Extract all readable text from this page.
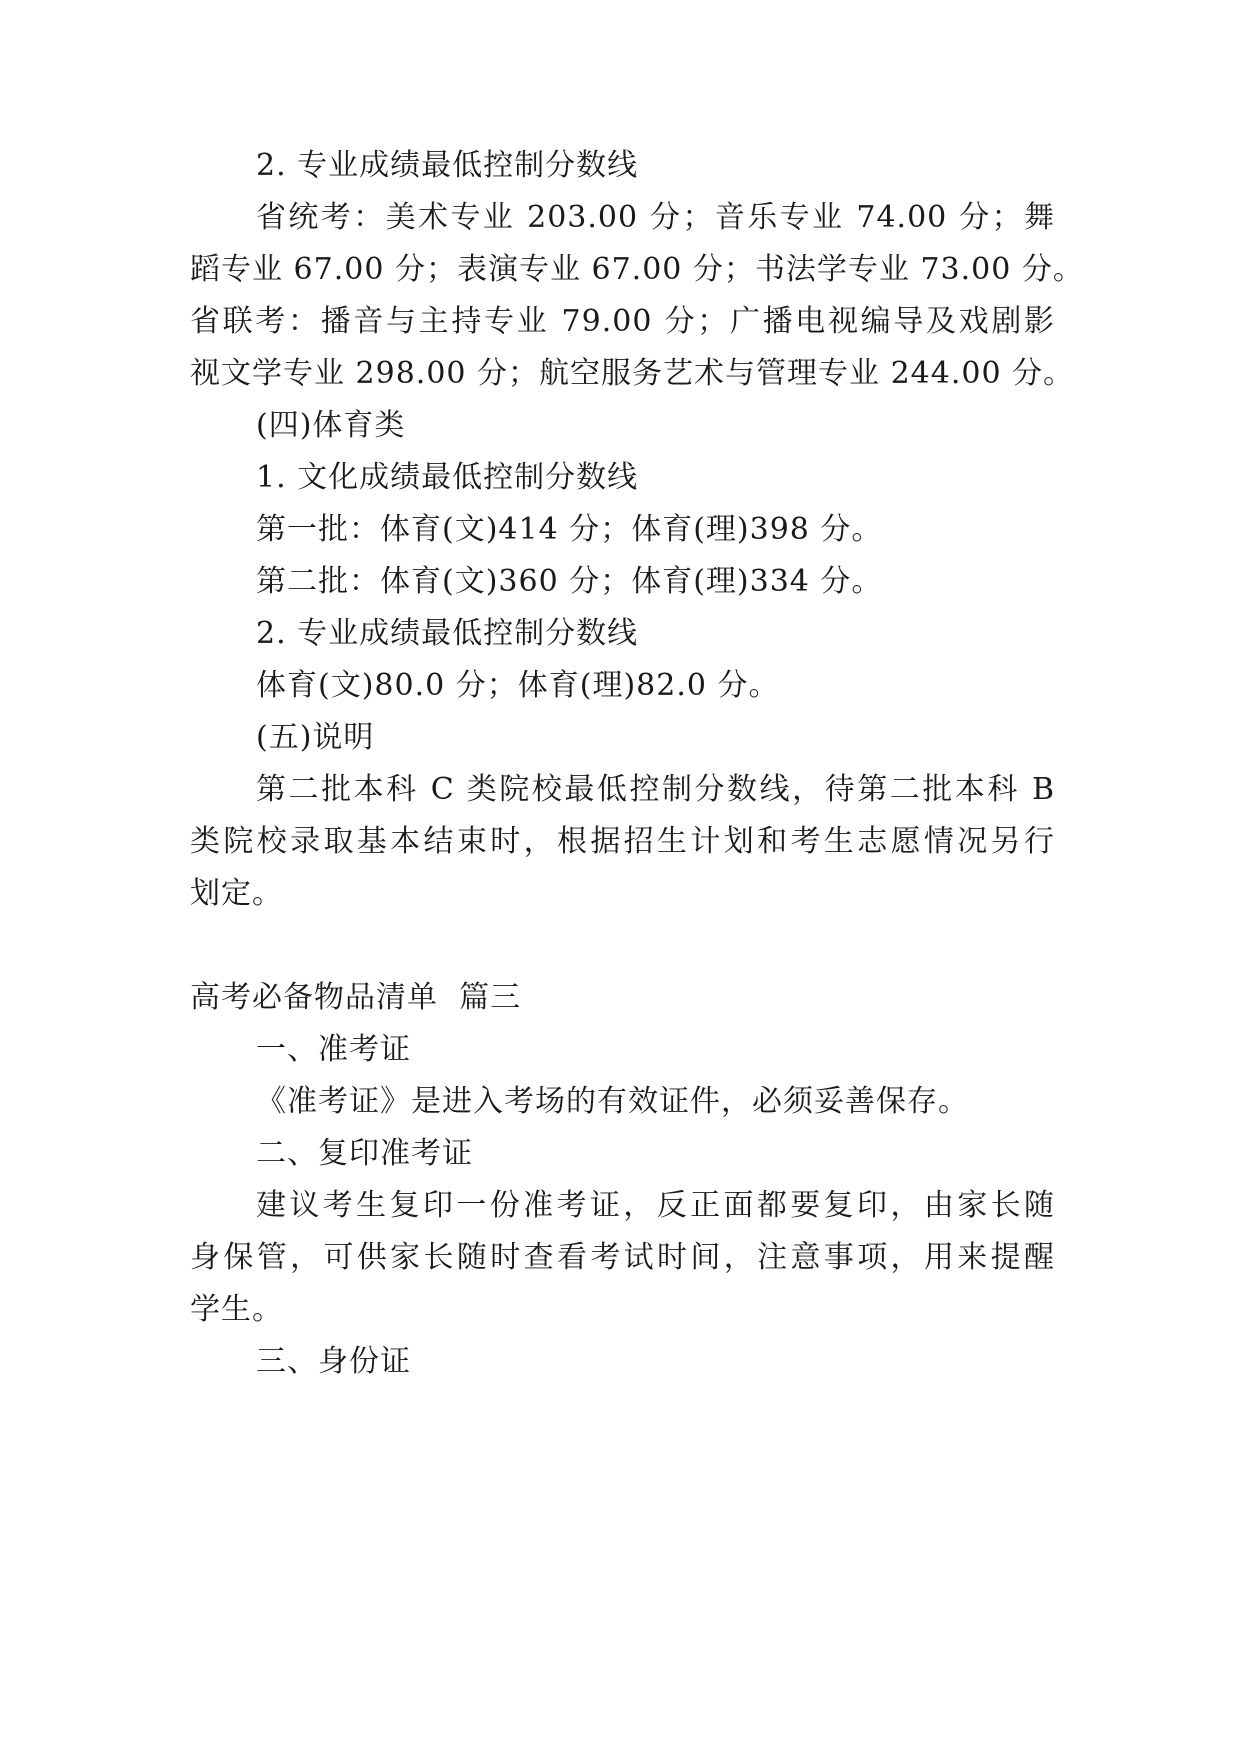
2. 专业成绩最低控制分数线
省统考：美术专业 203.00 分；音乐专业 74.00 分；舞
蹈专业 67.00 分；表演专业 67.00 分；书法学专业 73.00 分。
省联考：播音与主持专业 79.00 分；广播电视编导及戏剧影
视文学专业 298.00 分；航空服务艺术与管理专业 244.00 分。
(四)体育类
1. 文化成绩最低控制分数线
第一批：体育(文)414 分；体育(理)398 分。
第二批：体育(文)360 分；体育(理)334 分。
2. 专业成绩最低控制分数线
体育(文)80.0 分；体育(理)82.0 分。
(五)说明
第二批本科 C 类院校最低控制分数线，待第二批本科 B
类院校录取基本结束时，根据招生计划和考生志愿情况另行
划定。
高考必备物品清单  篇三
一、准考证
《准考证》是进入考场的有效证件，必须妥善保存。
二、复印准考证
建议考生复印一份准考证，反正面都要复印，由家长随
身保管，可供家长随时查看考试时间，注意事项，用来提醒
学生。
三、身份证
